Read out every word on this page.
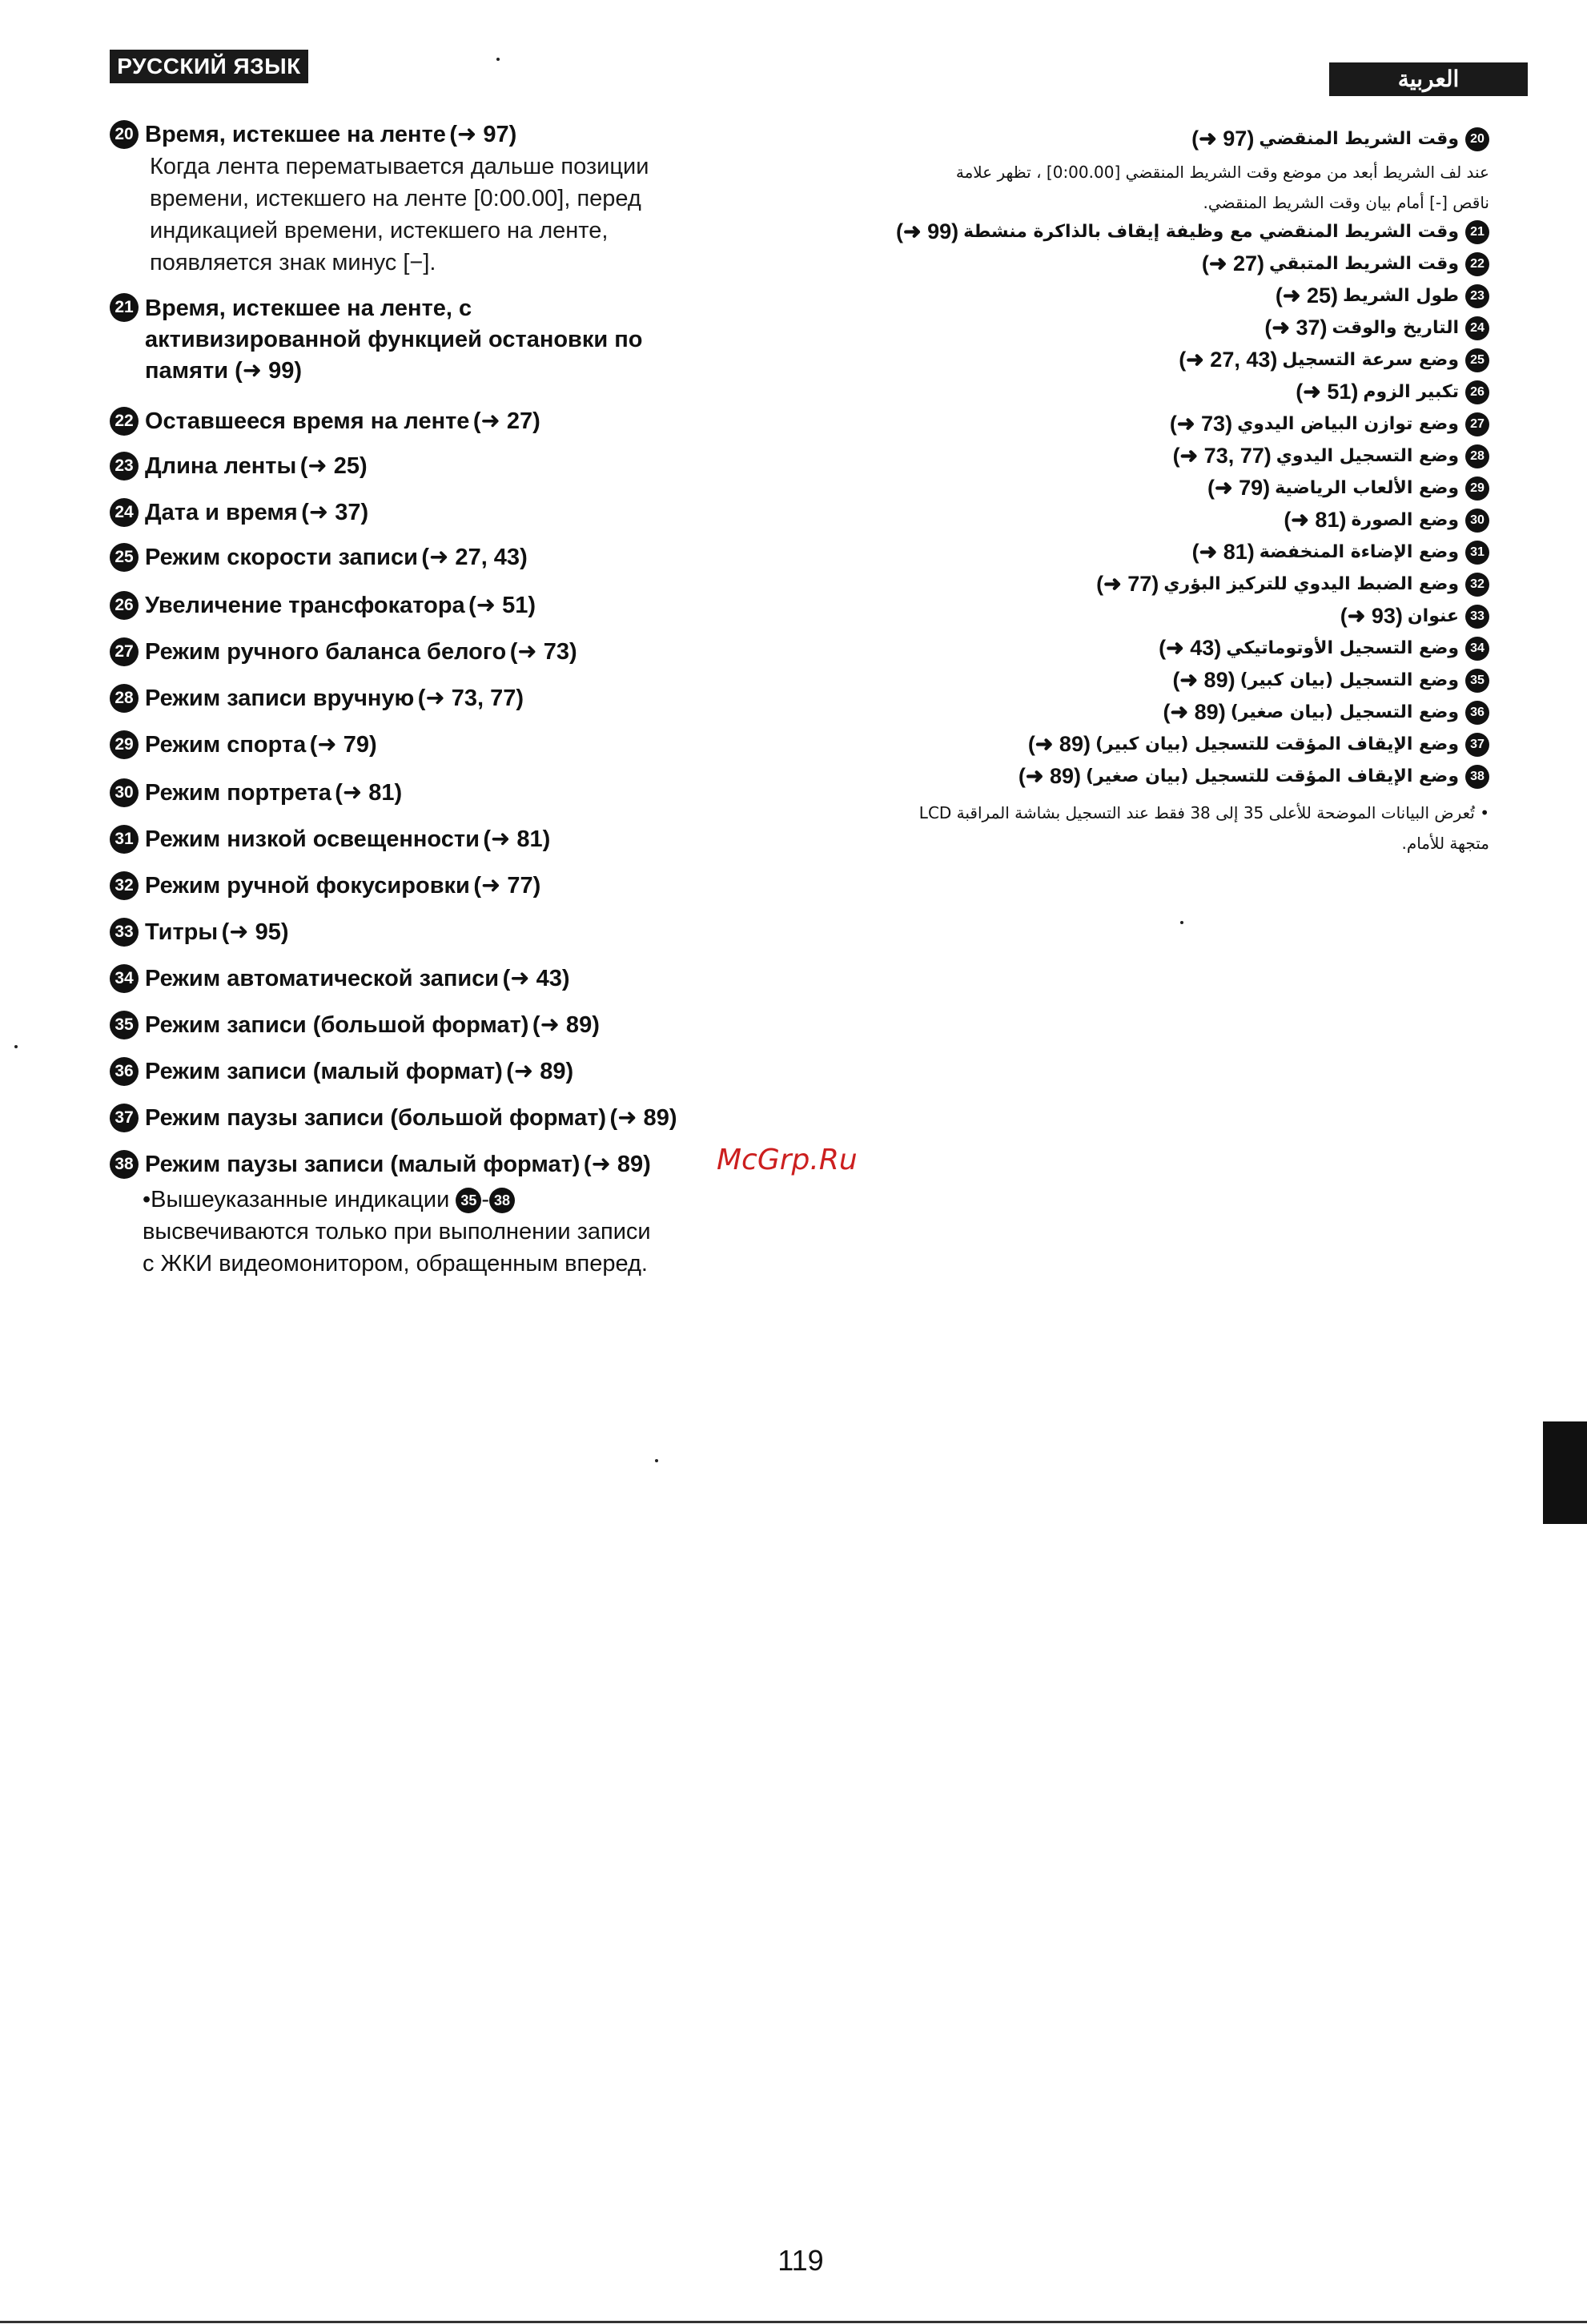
РУССКИЙ ЯЗЫК
العربية
20 Время, истекшее на ленте (➜ 97)
Когда лента перематывается дальше позиции
времени, истекшего на ленте [0:00.00], перед
индикацией времени, истекшего на ленте,
появляется знак минус [−].
21 Время, истекшее на ленте, с
активизированной функцией остановки по
памяти (➜ 99)
22 Оставшееся время на ленте (➜ 27)
23 Длина ленты (➜ 25)
24 Дата и время (➜ 37)
25 Режим скорости записи (➜ 27, 43)
26 Увеличение трансфокатора (➜ 51)
27 Режим ручного баланса белого (➜ 73)
28 Режим записи вручную (➜ 73, 77)
29 Режим спорта (➜ 79)
30 Режим портрета (➜ 81)
31 Режим низкой освещенности (➜ 81)
32 Режим ручной фокусировки (➜ 77)
33 Титры (➜ 95)
34 Режим автоматической записи (➜ 43)
35 Режим записи (большой формат) (➜ 89)
36 Режим записи (малый формат) (➜ 89)
37 Режим паузы записи (большой формат) (➜ 89)
38 Режим паузы записи (малый формат) (➜ 89)
•Вышеуказанные индикации 35 - 38
высвечиваются только при выполнении записи
с ЖКИ видеомонитором, обращенным вперед.
McGrp.Ru
20وقت الشريط المنقضي(➜ 97)
عند لف الشريط أبعد من موضع وقت الشريط المنقضي [0:00.00] ، تظهر علامة
ناقص [-] أمام بيان وقت الشريط المنقضي.
21وقت الشريط المنقضي مع وظيفة إيقاف بالذاكرة منشطة(➜ 99)
22وقت الشريط المتبقي(➜ 27)
23طول الشريط(➜ 25)
24التاريخ والوقت(➜ 37)
25وضع سرعة التسجيل(➜ 27, 43)
26تكبير الزوم(➜ 51)
27وضع توازن البياض اليدوي(➜ 73)
28وضع التسجيل اليدوي(➜ 73, 77)
29وضع الألعاب الرياضية(➜ 79)
30وضع الصورة(➜ 81)
31وضع الإضاءة المنخفضة(➜ 81)
32وضع الضبط اليدوي للتركيز البؤري(➜ 77)
33عنوان(➜ 93)
34وضع التسجيل الأوتوماتيكي(➜ 43)
35وضع التسجيل (بيان كبير)(➜ 89)
36وضع التسجيل (بيان صغير)(➜ 89)
37وضع الإيقاف المؤقت للتسجيل (بيان كبير)(➜ 89)
38وضع الإيقاف المؤقت للتسجيل (بيان صغير)(➜ 89)
• تُعرض البيانات الموضحة للأعلى 35 إلى 38 فقط عند التسجيل بشاشة المراقبة LCD
متجهة للأمام.
119
